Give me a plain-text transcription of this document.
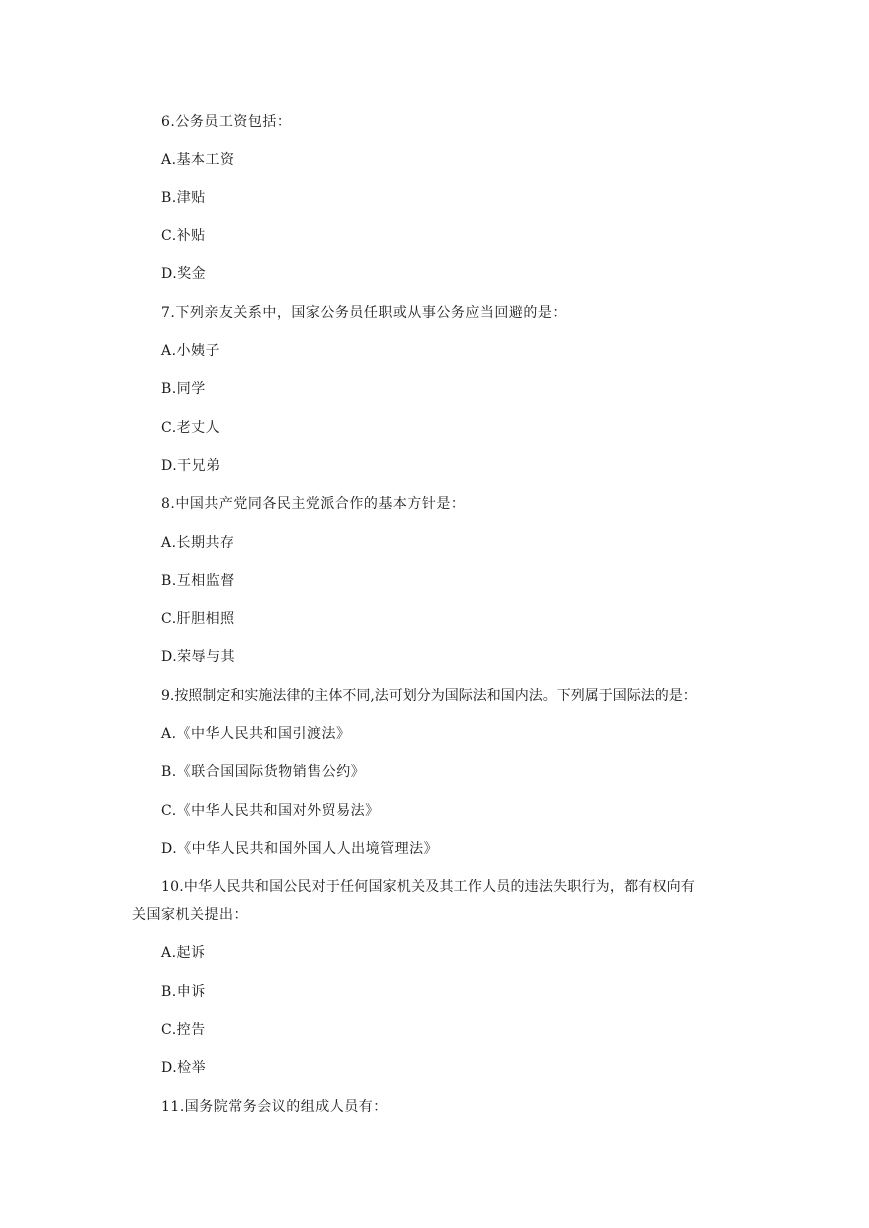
6.公务员工资包括：
A.基本工资
B.津贴
C.补贴
D.奖金
7.下列亲友关系中，国家公务员任职或从事公务应当回避的是：
A.小姨子
B.同学
C.老丈人
D.干兄弟
8.中国共产党同各民主党派合作的基本方针是：
A.长期共存
B.互相监督
C.肝胆相照
D.荣辱与其
9.按照制定和实施法律的主体不同,法可划分为国际法和国内法。下列属于国际法的是：
A.《中华人民共和国引渡法》
B.《联合国国际货物销售公约》
C.《中华人民共和国对外贸易法》
D.《中华人民共和国外国人人出境管理法》
10.中华人民共和国公民对于任何国家机关及其工作人员的违法失职行为，都有权向有
关国家机关提出：
A.起诉
B.申诉
C.控告
D.检举
11.国务院常务会议的组成人员有：
